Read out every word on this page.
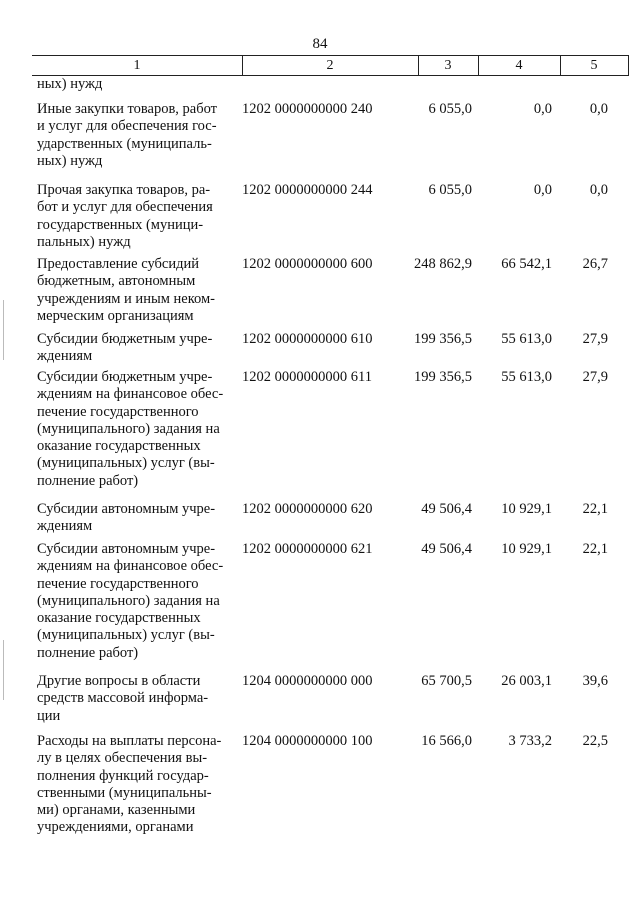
84
1	2	3	4	5
ных) нужд
Иные закупки товаров, работ
и услуг для обеспечения гос-
ударственных (муниципаль-
ных) нужд
1202 0000000000 240	6 055,0	0,0	0,0
Прочая закупка товаров, ра-
бот и услуг для обеспечения
государственных (муници-
пальных) нужд
1202 0000000000 244	6 055,0	0,0	0,0
Предоставление субсидий
бюджетным, автономным
учреждениям и иным неком-
мерческим организациям
1202 0000000000 600	248 862,9	66 542,1	26,7
Субсидии бюджетным учре-
ждениям
1202 0000000000 610	199 356,5	55 613,0	27,9
Субсидии бюджетным учре-
ждениям на финансовое обес-
печение государственного
(муниципального) задания на
оказание государственных
(муниципальных) услуг (вы-
полнение работ)
1202 0000000000 611	199 356,5	55 613,0	27,9
Субсидии автономным учре-
ждениям
1202 0000000000 620	49 506,4	10 929,1	22,1
Субсидии автономным учре-
ждениям на финансовое обес-
печение государственного
(муниципального) задания на
оказание государственных
(муниципальных) услуг (вы-
полнение работ)
1202 0000000000 621	49 506,4	10 929,1	22,1
Другие вопросы в области
средств массовой информа-
ции
1204 0000000000 000	65 700,5	26 003,1	39,6
Расходы на выплаты персона-
лу в целях обеспечения вы-
полнения функций государ-
ственными (муниципальны-
ми) органами, казенными
учреждениями, органами
1204 0000000000 100	16 566,0	3 733,2	22,5
